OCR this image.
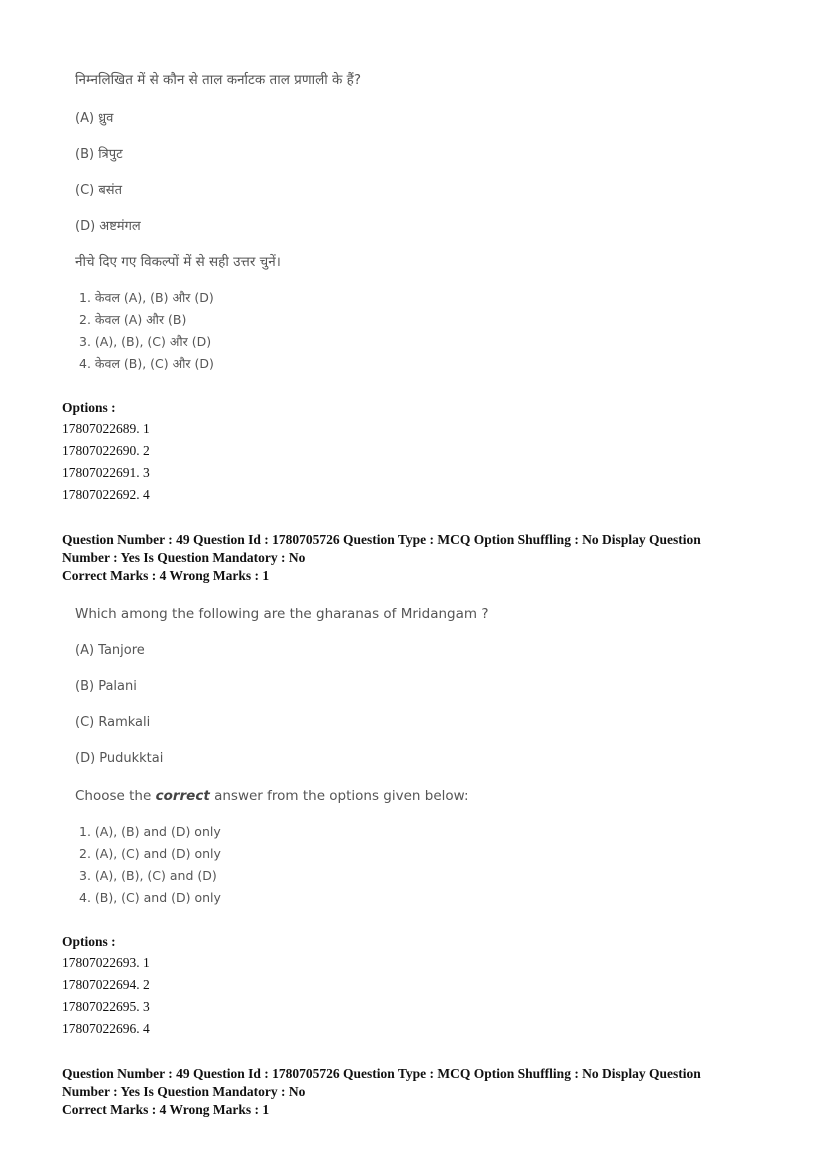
निम्नलिखित में से कौन से ताल कर्नाटक ताल प्रणाली के हैं?
(A) ध्रुव
(B) त्रिपुट
(C) बसंत
(D) अष्टमंगल
नीचे दिए गए विकल्पों में से सही उत्तर चुनें।
1. केवल (A), (B) और (D)
2. केवल (A) और (B)
3. (A), (B), (C) और (D)
4. केवल (B), (C) और (D)
Options :
17807022689. 1
17807022690. 2
17807022691. 3
17807022692. 4
Question Number : 49 Question Id : 1780705726 Question Type : MCQ Option Shuffling : No Display Question
Number : Yes Is Question Mandatory : No
Correct Marks : 4 Wrong Marks : 1
Which among the following are the gharanas of Mridangam ?
(A) Tanjore
(B) Palani
(C) Ramkali
(D) Pudukktai
Choose the correct answer from the options given below:
1. (A), (B) and (D) only
2. (A), (C) and (D) only
3. (A), (B), (C) and (D)
4. (B), (C) and (D) only
Options :
17807022693. 1
17807022694. 2
17807022695. 3
17807022696. 4
Question Number : 49 Question Id : 1780705726 Question Type : MCQ Option Shuffling : No Display Question
Number : Yes Is Question Mandatory : No
Correct Marks : 4 Wrong Marks : 1
